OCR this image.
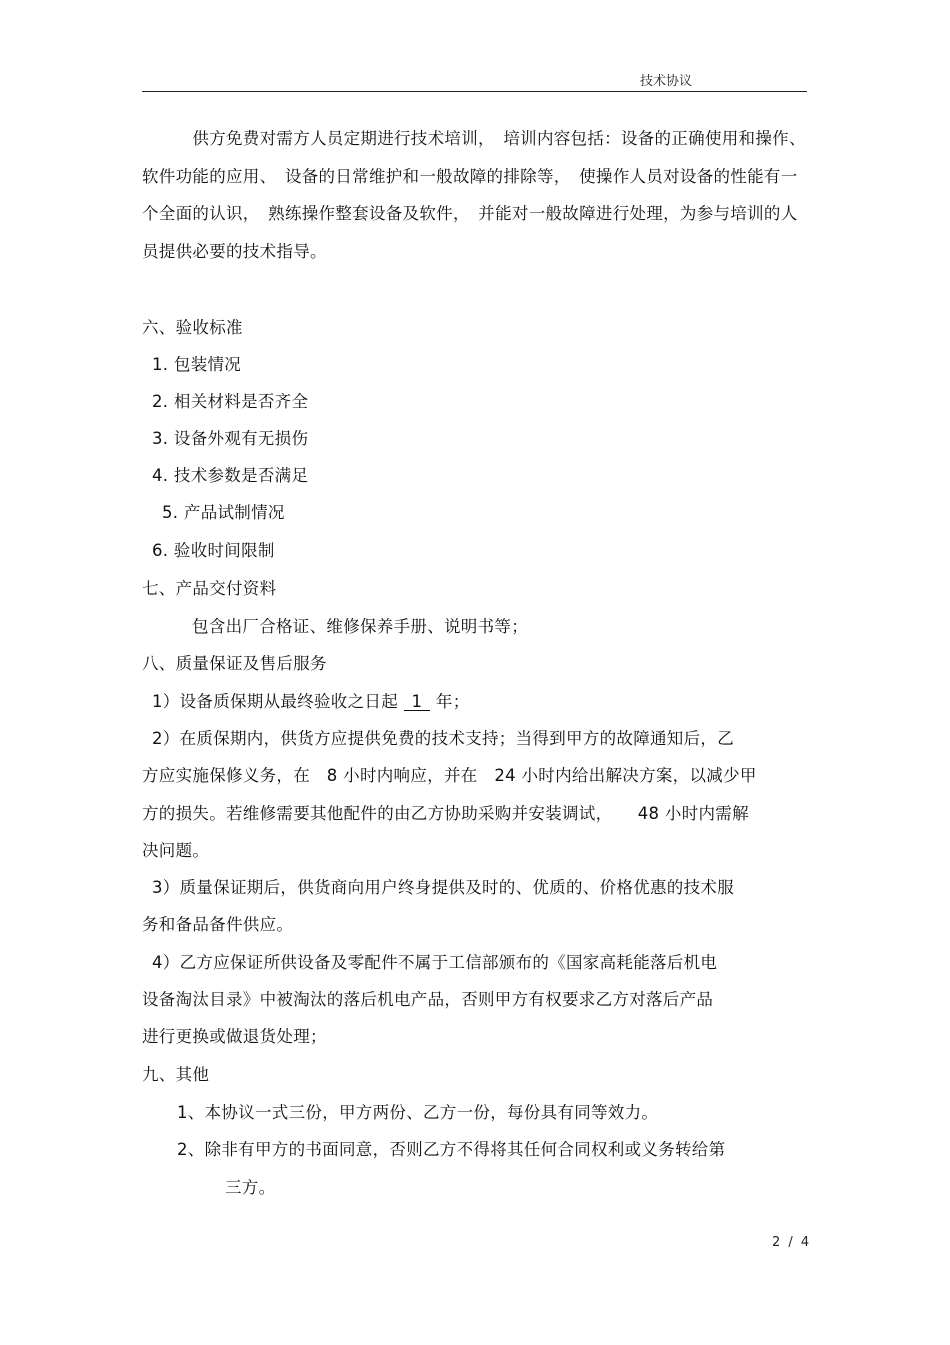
技术协议
　　　供方免费对需方人员定期进行技术培训，　培训内容包括：设备的正确使用和操作、软件功能的应用、　设备的日常维护和一般故障的排除等，　使操作人员对设备的性能有一个全面的认识，　熟练操作整套设备及软件，　并能对一般故障进行处理，为参与培训的人员提供必要的技术指导。
六、验收标准
1. 包装情况
2. 相关材料是否齐全
3. 设备外观有无损伤
4. 技术参数是否满足
5. 产品试制情况
6. 验收时间限制
七、产品交付资料
包含出厂合格证、维修保养手册、说明书等；
八、质量保证及售后服务
1）设备质保期从最终验收之日起 1 年；
2）在质保期内，供货方应提供免费的技术支持；当得到甲方的故障通知后，乙
方应实施保修义务，在　8 小时内响应，并在　24 小时内给出解决方案，以减少甲
方的损失。若维修需要其他配件的由乙方协助采购并安装调试，　　48 小时内需解
决问题。
3）质量保证期后，供货商向用户终身提供及时的、优质的、价格优惠的技术服
务和备品备件供应。
4）乙方应保证所供设备及零配件不属于工信部颁布的《国家高耗能落后机电
设备淘汰目录》中被淘汰的落后机电产品，否则甲方有权要求乙方对落后产品
进行更换或做退货处理；
九、其他
1、本协议一式三份，甲方两份、乙方一份，每份具有同等效力。
2、除非有甲方的书面同意，否则乙方不得将其任何合同权利或义务转给第
三方。
2 / 4
